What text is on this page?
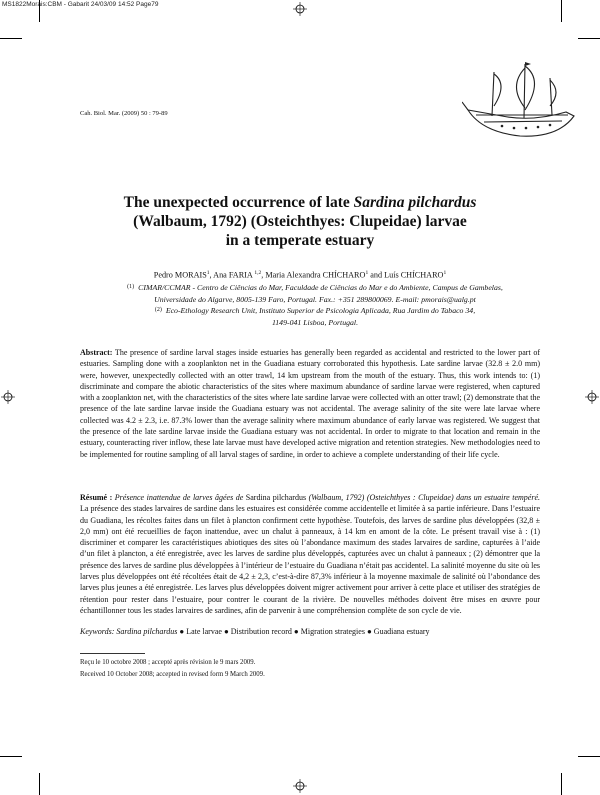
MS1822Morais:CBM - Gabarit 24/03/09 14:52 Page79
Cah. Biol. Mar. (2009) 50 : 79-89
The unexpected occurrence of late Sardina pilchardus
(Walbaum, 1792) (Osteichthyes: Clupeidae) larvae
in a temperate estuary
Pedro MORAIS$^1$, Ana FARIA $^{1,2}$, Maria Alexandra CHÍCHARO$^1$ and Luís CHÍCHARO$^1$
$^{(1)}$ CIMAR/CCMAR - Centro de Ciências do Mar, Faculdade de Ciências do Mar e do Ambiente, Campus de Gambelas,
Universidade do Algarve, 8005-139 Faro, Portugal. Fax.: +351 289800069. E-mail: pmorais@ualg.pt
$^{(2)}$ Eco-Ethology Research Unit, Instituto Superior de Psicologia Aplicada, Rua Jardim do Tabaco 34,
1149-041 Lisboa, Portugal.
Abstract: The presence of sardine larval stages inside estuaries has generally been regarded as accidental and restricted to the lower part of estuaries. Sampling done with a zooplankton net in the Guadiana estuary corroborated this hypothesis. Late sardine larvae (32.8 ± 2.0 mm) were, however, unexpectedly collected with an otter trawl, 14 km upstream from the mouth of the estuary. Thus, this work intends to: (1) discriminate and compare the abiotic characteristics of the sites where maximum abundance of sardine larvae were registered, when captured with a zooplankton net, with the characteristics of the sites where late sardine larvae were collected with an otter trawl; (2) demonstrate that the presence of the late sardine larvae inside the Guadiana estuary was not accidental. The average salinity of the site were late larvae where collected was 4.2 ± 2.3, i.e. 87.3% lower than the average salinity where maximum abundance of early larvae was registered. We suggest that the presence of the late sardine larvae inside the Guadiana estuary was not accidental. In order to migrate to that location and remain in the estuary, counteracting river inflow, these late larvae must have developed active migration and retention strategies. New methodologies need to be implemented for routine sampling of all larval stages of sardine, in order to achieve a complete understanding of their life cycle.
Résumé : Présence inattendue de larves âgées de Sardina pilchardus (Walbaum, 1792) (Osteichthyes : Clupeidae) dans un estuaire tempéré. La présence des stades larvaires de sardine dans les estuaires est considérée comme accidentelle et limitée à sa partie inférieure. Dans l’estuaire du Guadiana, les récoltes faites dans un filet à plancton confirment cette hypothèse. Toutefois, des larves de sardine plus développées (32,8 ± 2,0 mm) ont été recueillies de façon inattendue, avec un chalut à panneaux, à 14 km en amont de la côte. Le présent travail vise à : (1) discriminer et comparer les caractéristiques abiotiques des sites où l’abondance maximum des stades larvaires de sardine, capturées à l’aide d’un filet à plancton, a été enregistrée, avec les larves de sardine plus développés, capturées avec un chalut à panneaux ; (2) démontrer que la présence des larves de sardine plus développées à l’intérieur de l’estuaire du Guadiana n’était pas accidentel. La salinité moyenne du site où les larves plus développées ont été récoltées était de 4,2 ± 2,3, c’est-à-dire 87,3% inférieur à la moyenne maximale de salinité où l’abondance des larves plus jeunes a été enregistrée. Les larves plus développées doivent migrer activement pour arriver à cette place et utiliser des stratégies de rétention pour rester dans l’estuaire, pour contrer le courant de la rivière. De nouvelles méthodes doivent être mises en œuvre pour échantillonner tous les stades larvaires de sardines, afin de parvenir à une compréhension complète de son cycle de vie.
Keywords: Sardina pilchardus ● Late larvae ● Distribution record ● Migration strategies ● Guadiana estuary
Reçu le 10 octobre 2008 ; accepté après révision le 9 mars 2009.
Received 10 October 2008; accepted in revised form 9 March 2009.
